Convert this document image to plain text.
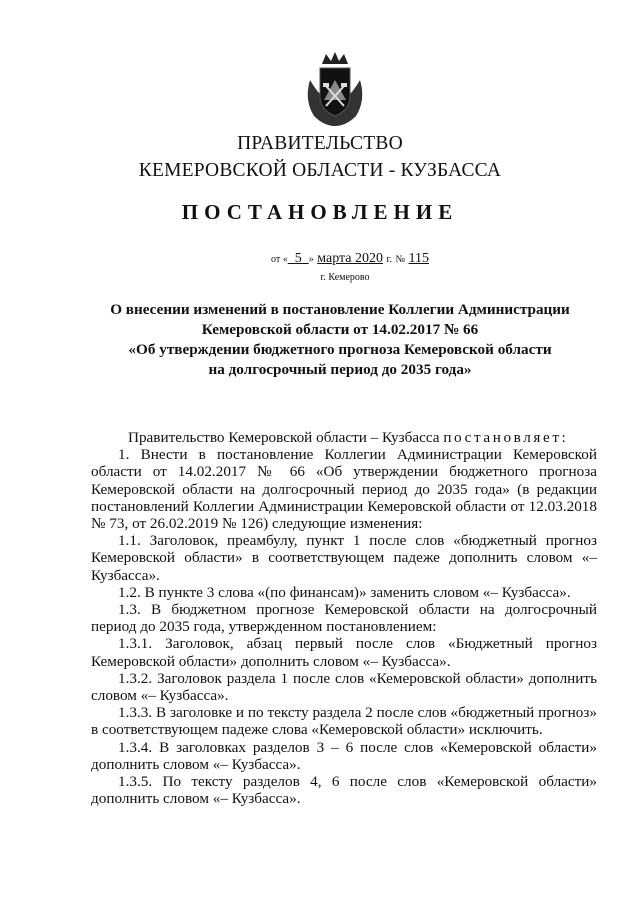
ПРАВИТЕЛЬСТВО
КЕМЕРОВСКОЙ ОБЛАСТИ - КУЗБАССА
ПОСТАНОВЛЕНИЕ
от « 5 » марта 2020 г. № 115
г. Кемерово
О внесении изменений в постановление Коллегии Администрации
Кемеровской области от 14.02.2017 № 66
«Об утверждении бюджетного прогноза Кемеровской области
на долгосрочный период до 2035 года»

Правительство Кемеровской области – Кузбасса постановляет:

1. Внести в постановление Коллегии Администрации Кемеровской области от 14.02.2017 № 66 «Об утверждении бюджетного прогноза Кемеровской области на долгосрочный период до 2035 года» (в редакции постановлений Коллегии Администрации Кемеровской области от 12.03.2018 № 73, от 26.02.2019 № 126) следующие изменения:

1.1. Заголовок, преамбулу, пункт 1 после слов «бюджетный прогноз Кемеровской области» в соответствующем падеже дополнить словом «– Кузбасса».

1.2. В пункте 3 слова «(по финансам)» заменить словом «– Кузбасса».

1.3. В бюджетном прогнозе Кемеровской области на долгосрочный период до 2035 года, утвержденном постановлением:

1.3.1. Заголовок, абзац первый после слов «Бюджетный прогноз Кемеровской области» дополнить словом «– Кузбасса».

1.3.2. Заголовок раздела 1 после слов «Кемеровской области» дополнить словом «– Кузбасса».

1.3.3. В заголовке и по тексту раздела 2 после слов «бюджетный прогноз» в соответствующем падеже слова «Кемеровской области» исключить.

1.3.4. В заголовках разделов 3 – 6 после слов «Кемеровской области» дополнить словом «– Кузбасса».

1.3.5. По тексту разделов 4, 6 после слов «Кемеровской области» дополнить словом «– Кузбасса».
